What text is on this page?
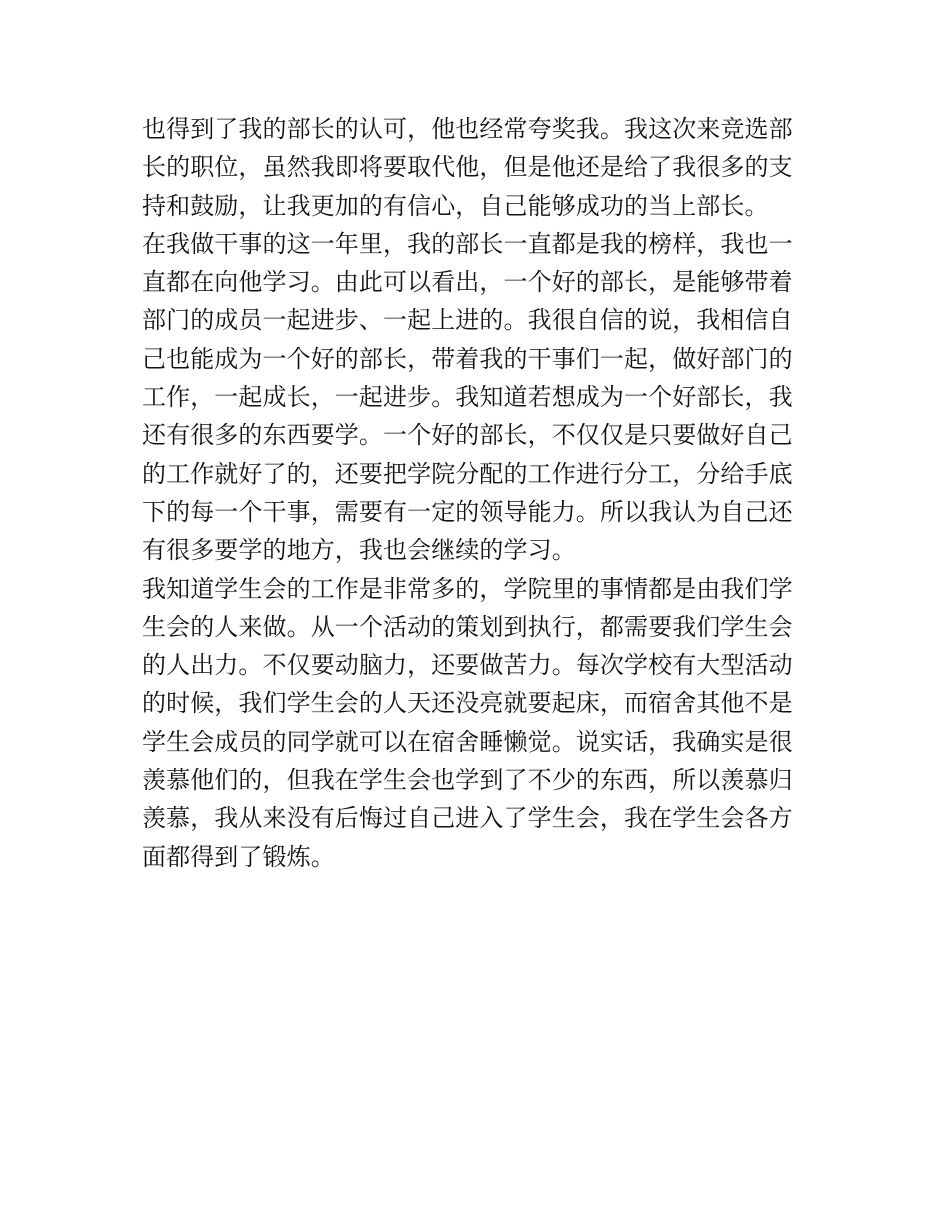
也得到了我的部长的认可，他也经常夸奖我。我这次来竞选部
长的职位，虽然我即将要取代他，但是他还是给了我很多的支
持和鼓励，让我更加的有信心，自己能够成功的当上部长。
在我做干事的这一年里，我的部长一直都是我的榜样，我也一
直都在向他学习。由此可以看出，一个好的部长，是能够带着
部门的成员一起进步、一起上进的。我很自信的说，我相信自
己也能成为一个好的部长，带着我的干事们一起，做好部门的
工作，一起成长，一起进步。我知道若想成为一个好部长，我
还有很多的东西要学。一个好的部长，不仅仅是只要做好自己
的工作就好了的，还要把学院分配的工作进行分工，分给手底
下的每一个干事，需要有一定的领导能力。所以我认为自己还
有很多要学的地方，我也会继续的学习。
我知道学生会的工作是非常多的，学院里的事情都是由我们学
生会的人来做。从一个活动的策划到执行，都需要我们学生会
的人出力。不仅要动脑力，还要做苦力。每次学校有大型活动
的时候，我们学生会的人天还没亮就要起床，而宿舍其他不是
学生会成员的同学就可以在宿舍睡懒觉。说实话，我确实是很
羡慕他们的，但我在学生会也学到了不少的东西，所以羡慕归
羡慕，我从来没有后悔过自己进入了学生会，我在学生会各方
面都得到了锻炼。
